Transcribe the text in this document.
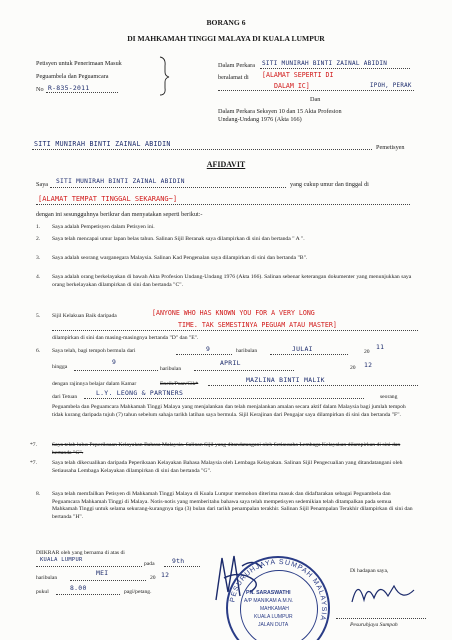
BORANG 6
DI MAHKAMAH TINGGI MALAYA DI KUALA LUMPUR
Petisyen untuk Penerimaan Masuk
Peguambela dan Peguamcara
No R-835-2011
Dalam Perkara SITI MUNIRAH BINTI ZAINAL ABIDIN
beralamat di [ALAMAT SEPERTI DI
DALAM IC]	IPOH, PERAK
Dan
Dalam Perkara Seksyen 10 dan 15 Akta Profesion
Undang-Undang 1976 (Akta 166)
SITI MUNIRAH BINTI ZAINAL ABIDIN	Pemetisyen
AFIDAVIT
Saya SITI MUNIRAH BINTI ZAINAL ABIDIN	yang cukup umur dan tinggal di
[ALAMAT TEMPAT TINGGAL SEKARANG~]
dengan ini sesungguhnya berikrar dan menyatakan seperti berikut:-
1. Saya adalah Pempetisyen dalam Petisyen ini.
2. Saya telah mencapai umur lapan belas tahun. Salinan Sijil Beranak saya dilampirkan di sini dan bertanda " A ".
3. Saya adalah seorang warganegara Malaysia. Salinan Kad Pengenalan saya dilampirkan di sini dan bertanda "B".
4. Saya adalah orang berkelayakan di bawah Akta Profesion Undang-Undang 1976 (Akta 166). Salinan sebenar keterangan dokumenter yang menunjukkan saya orang berkelayakan dilampirkan di sini dan bertanda "C".
5. Sijil Kelakuan Baik daripada	[ANYONE WHO HAS KNOWN YOU FOR A VERY LONG
TIME. TAK SEMESTINYA PEGUAM ATAU MASTER]
dilampirkan di sini dan masing-masingnya bertanda "D" dan "E".
6. Saya telah, bagi tempoh bermula dari	9	haribulan	JULAI	20
11
hingga
9
haribulan
APRIL
20 12
dengan rajinnya belajar dalam Kamar	Encik/Puan/Cik*	MAZLINA BINTI MALIK
dari Tetuan	L.Y. LEONG & PARTNERS	seorang
Peguambela dan Peguamcara Mahkamah Tinggi Malaya yang menjalankan dan telah menjalankan amalan secara aktif dalam Malaysia bagi jumlah tempoh tidak kurang daripada tujuh (7) tahun sebelum sahaja tarikh latihan saya bermula. Sijil Kerajinan dari Pengajar saya dilampirkan di sini dan bertanda "F".
*7.	Saya telah lulus Peperiksaan Kelayakan Bahasa Malaysia. Salinan Sijil yang ditandatangani oleh Setiausaha Lembaga Kelayakan dilampirkan di sini dan bertanda "G".
*7.	Saya telah dikecualikan daripada Peperiksaan Kelayakan Bahasa Malaysia oleh Lembaga Kelayakan. Salinan Sijil Pengecualian yang ditandatangani oleh Setiausaha Lembaga Kelayakan dilampirkan di sini dan bertanda "G".
8. Saya telah memfailkan Petisyen di Mahkamah Tinggi Malaya di Kuala Lumpur memohon diterima masuk dan didaftarakan sebagai Peguambela dan Peguamcara Mahkamah Tinggi di Malaya. Notis-notis yang memberitahu bahawa saya telah mempetisyen sedemikian telah ditampalkan pada semua Mahkamah Tinggi untuk selama sekurang-kurangnya tiga (3) bulan dari tarikh penampalan terakhir. Salinan Sijil Penampalan Terakhir dilampirkan di sini dan bertanda "H".
DIIKRAR oleh yang bernama di atas di
KUALA LUMPUR
pada	9th
haribulan
MEI
20 12
pukul	8.00	pagi/petang.
PESURUHJAYA SUMPAH MALAYSIA
PN. SARASWATHI
A/P MANIKAM A.M.N.
MAHKAMAH
KUALA LUMPUR
JALAN DUTA
Di hadapan saya,
Pesuruhjaya Sumpah
